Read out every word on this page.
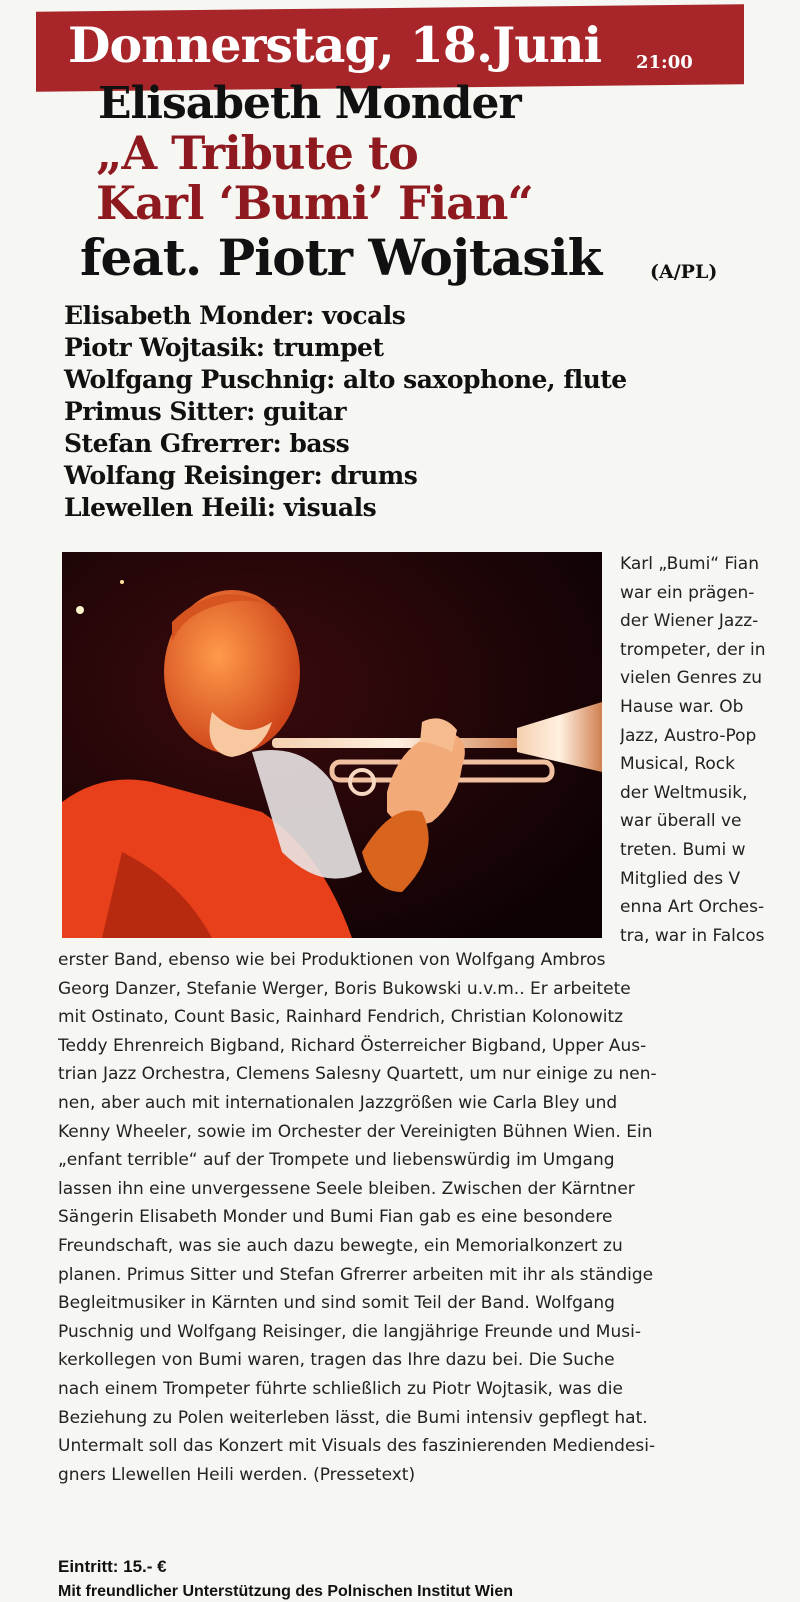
Donnerstag, 18.Juni 21:00
Elisabeth Monder
„A Tribute to
Karl ‘Bumi’ Fian“
feat. Piotr Wojtasik	(A/PL)
Elisabeth Monder: vocals
Piotr Wojtasik: trumpet
Wolfgang Puschnig: alto saxophone, flute
Primus Sitter: guitar
Stefan Gfrerrer: bass
Wolfang Reisinger: drums
Llewellen Heili: visuals
Karl „Bumi“ Fian
war ein prägen-
der Wiener Jazz-
trompeter, der in
vielen Genres zu
Hause war. Ob
Jazz, Austro-Pop
Musical, Rock
der Weltmusik,
war überall ve
treten. Bumi w
Mitglied des V
enna Art Orches-
tra, war in Falcos
erster Band, ebenso wie bei Produktionen von Wolfgang Ambros
Georg Danzer, Stefanie Werger, Boris Bukowski u.v.m.. Er arbeitete
mit Ostinato, Count Basic, Rainhard Fendrich, Christian Kolonowitz
Teddy Ehrenreich Bigband, Richard Österreicher Bigband, Upper Aus-
trian Jazz Orchestra, Clemens Salesny Quartett, um nur einige zu nen-
nen, aber auch mit internationalen Jazzgrößen wie Carla Bley und
Kenny Wheeler, sowie im Orchester der Vereinigten Bühnen Wien. Ein
„enfant terrible“ auf der Trompete und liebenswürdig im Umgang
lassen ihn eine unvergessene Seele bleiben. Zwischen der Kärntner
Sängerin Elisabeth Monder und Bumi Fian gab es eine besondere
Freundschaft, was sie auch dazu bewegte, ein Memorialkonzert zu
planen. Primus Sitter und Stefan Gfrerrer arbeiten mit ihr als ständige
Begleitmusiker in Kärnten und sind somit Teil der Band. Wolfgang
Puschnig und Wolfgang Reisinger, die langjährige Freunde und Musi-
kerkollegen von Bumi waren, tragen das Ihre dazu bei. Die Suche
nach einem Trompeter führte schließlich zu Piotr Wojtasik, was die
Beziehung zu Polen weiterleben lässt, die Bumi intensiv gepflegt hat.
Untermalt soll das Konzert mit Visuals des faszinierenden Mediendesi-
gners Llewellen Heili werden. (Pressetext)
Eintritt: 15.- €
Mit freundlicher Unterstützung des Polnischen Institut Wien
